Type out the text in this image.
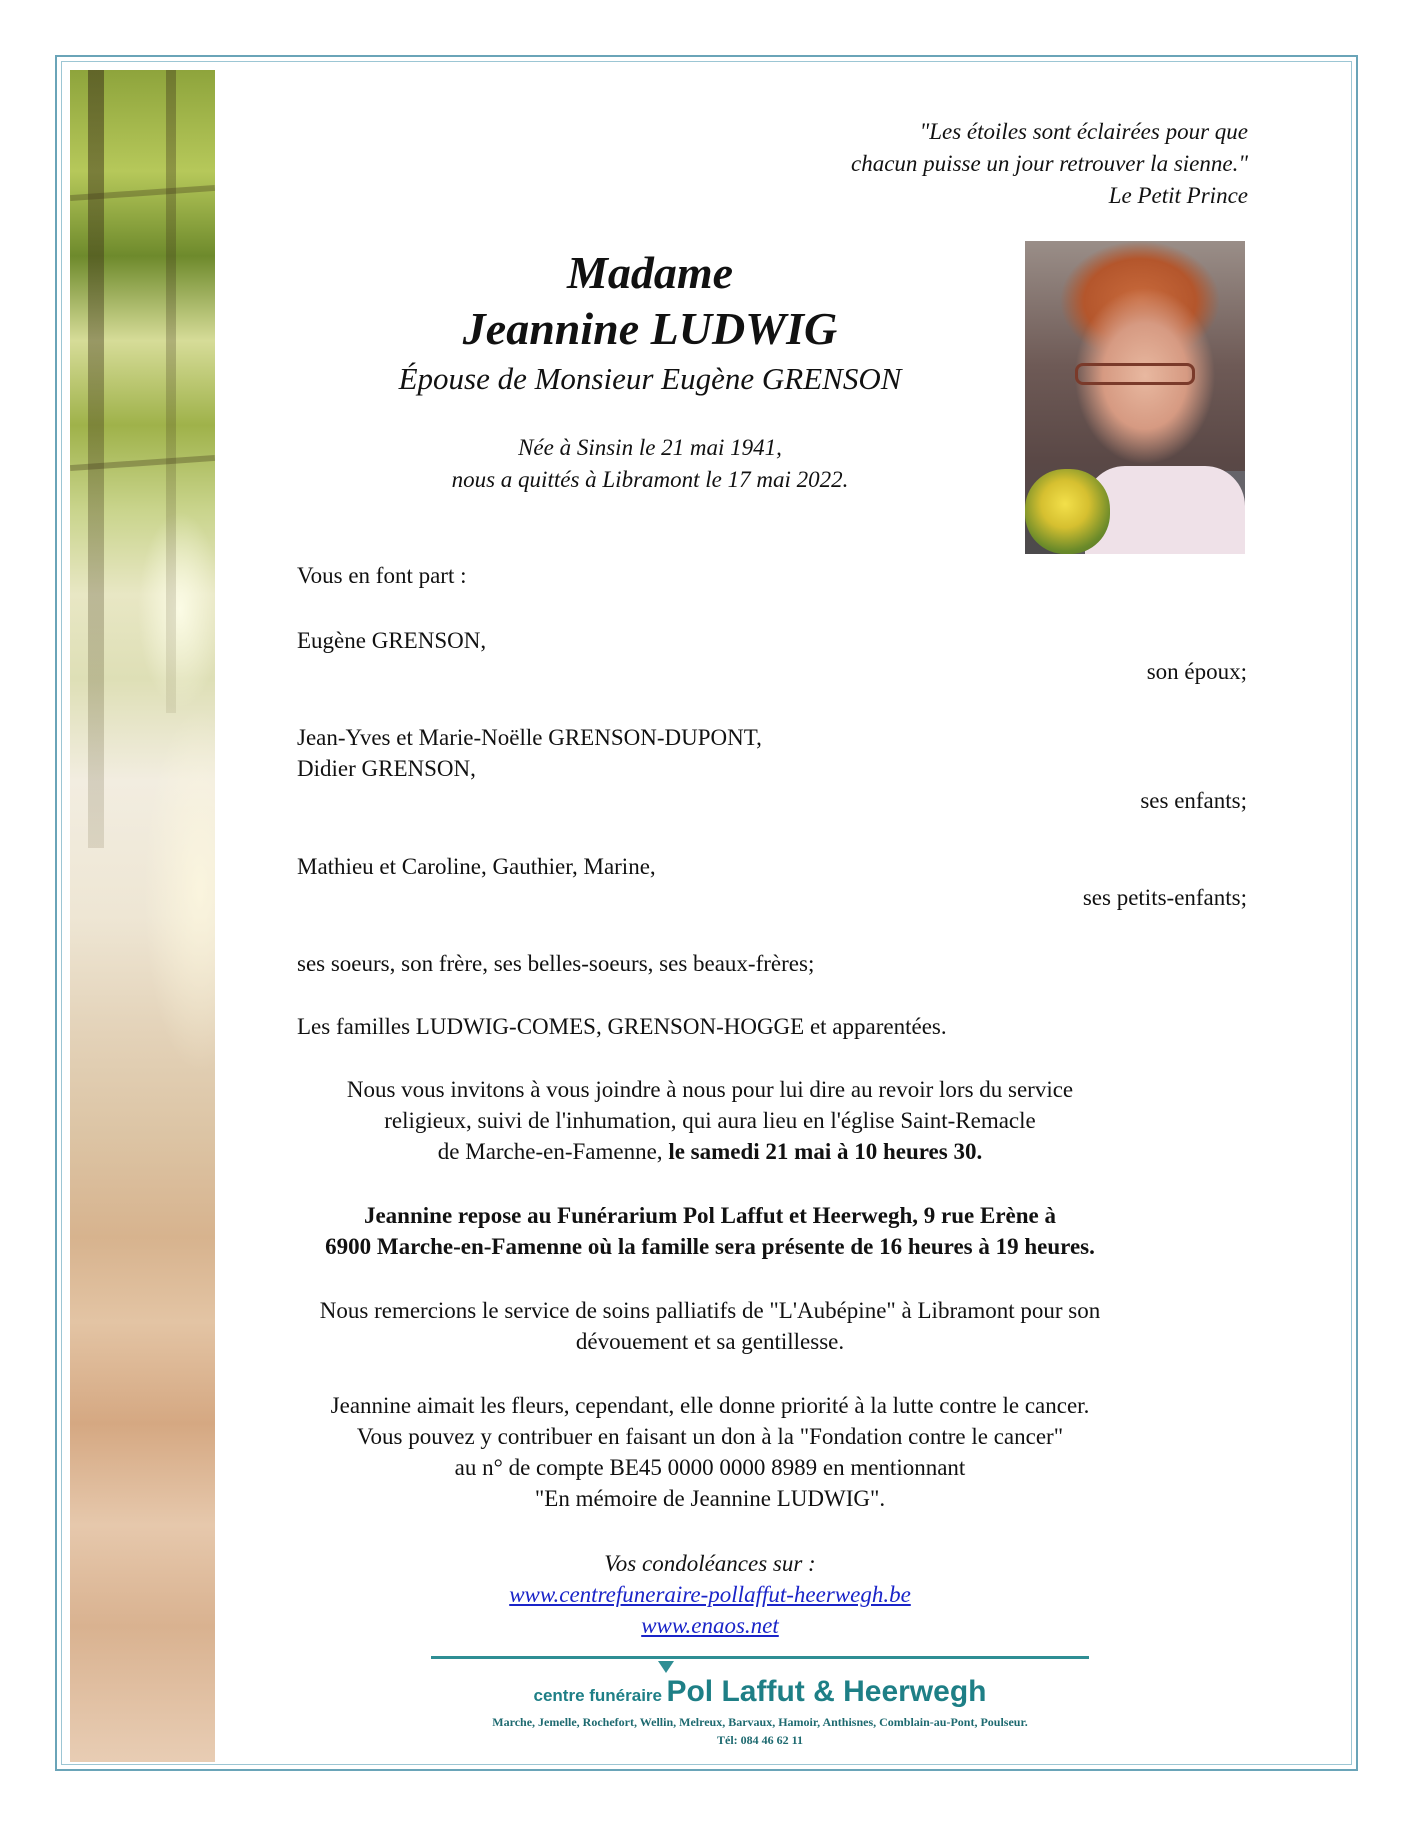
"Les étoiles sont éclairées pour que
chacun puisse un jour retrouver la sienne."
Le Petit Prince
Madame
Jeannine LUDWIG
Épouse de Monsieur Eugène GRENSON
Née à Sinsin le 21 mai 1941,
nous a quittés à Libramont le 17 mai 2022.
Vous en font part :
Eugène GRENSON,
son époux;
Jean-Yves et Marie-Noëlle GRENSON-DUPONT,
Didier GRENSON,
ses enfants;
Mathieu et Caroline, Gauthier, Marine,
ses petits-enfants;
ses soeurs, son frère, ses belles-soeurs, ses beaux-frères;
Les familles LUDWIG-COMES, GRENSON-HOGGE et apparentées.
Nous vous invitons à vous joindre à nous pour lui dire au revoir lors du service
religieux, suivi de l'inhumation, qui aura lieu en l'église Saint-Remacle
de Marche-en-Famenne, le samedi 21 mai à 10 heures 30.
Jeannine repose au Funérarium Pol Laffut et Heerwegh, 9 rue Erène à
6900 Marche-en-Famenne où la famille sera présente de 16 heures à 19 heures.
Nous remercions le service de soins palliatifs de "L'Aubépine" à Libramont pour son
dévouement et sa gentillesse.
Jeannine aimait les fleurs, cependant, elle donne priorité à la lutte contre le cancer.
Vous pouvez y contribuer en faisant un don à la "Fondation contre le cancer"
au n° de compte BE45 0000 0000 8989 en mentionnant
"En mémoire de Jeannine LUDWIG".
Vos condoléances sur :
www.centrefuneraire-pollaffut-heerwegh.be
www.enaos.net
centre funéraire Pol Laffut & Heerwegh
Marche, Jemelle, Rochefort, Wellin, Melreux, Barvaux, Hamoir, Anthisnes, Comblain-au-Pont, Poulseur.
Tél: 084 46 62 11
